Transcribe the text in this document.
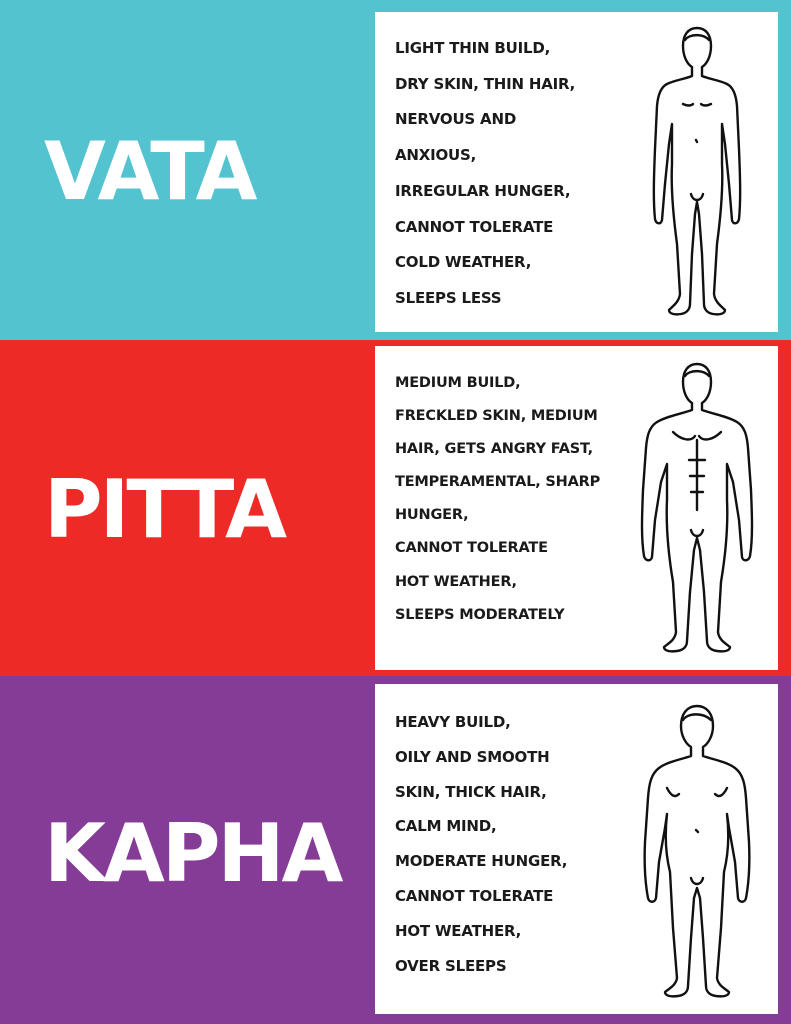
VATA
LIGHT THIN BUILD,
DRY SKIN, THIN HAIR,
NERVOUS AND
ANXIOUS,
IRREGULAR HUNGER,
CANNOT TOLERATE
COLD WEATHER,
SLEEPS LESS
PITTA
MEDIUM BUILD,
FRECKLED SKIN, MEDIUM
HAIR, GETS ANGRY FAST,
TEMPERAMENTAL, SHARP
HUNGER,
CANNOT TOLERATE
HOT WEATHER,
SLEEPS MODERATELY
KAPHA
HEAVY BUILD,
OILY AND SMOOTH
SKIN, THICK HAIR,
CALM MIND,
MODERATE HUNGER,
CANNOT TOLERATE
HOT WEATHER,
OVER SLEEPS
